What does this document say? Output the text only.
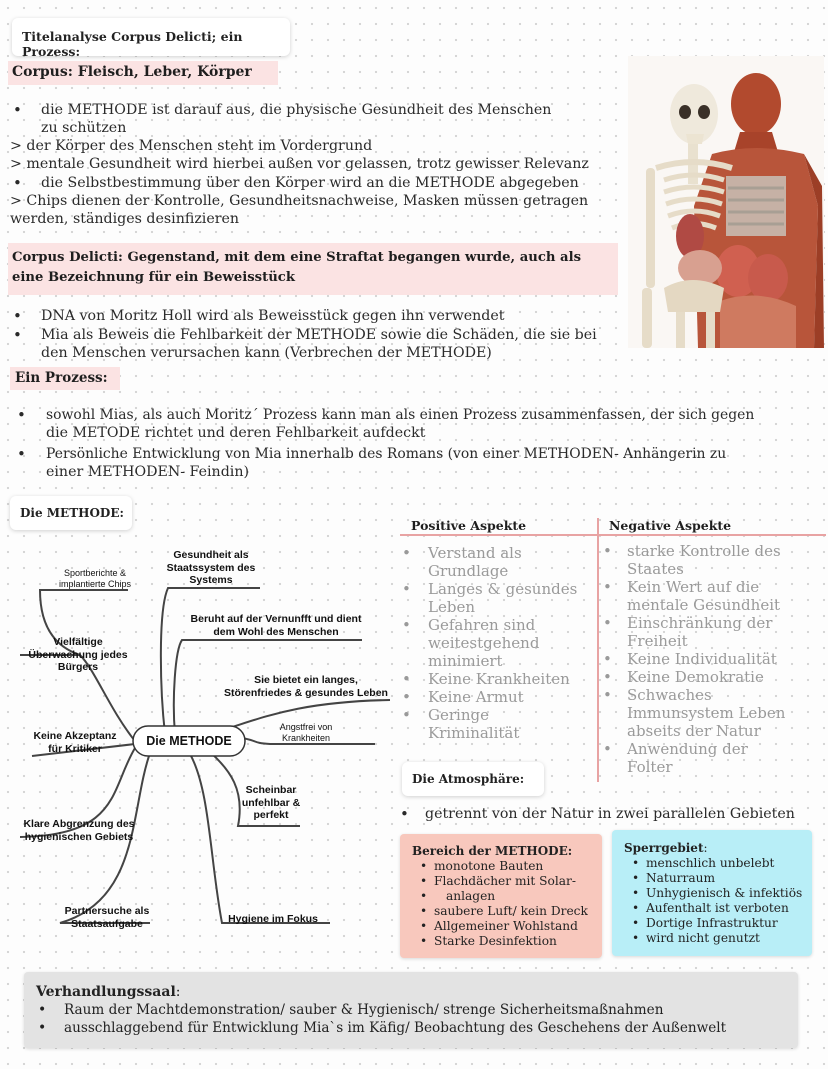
Titelanalyse Corpus Delicti; ein Prozess:
Corpus: Fleisch, Leber, Körper
• die METHODE ist darauf aus, die physische Gesundheit des Menschen
zu schützen
> der Körper des Menschen steht im Vordergrund
> mentale Gesundheit wird hierbei außen vor gelassen, trotz gewisser Relevanz
• die Selbstbestimmung über den Körper wird an die METHODE abgegeben
> Chips dienen der Kontrolle, Gesundheitsnachweise, Masken müssen getragen
werden, ständiges desinfizieren
Corpus Delicti: Gegenstand, mit dem eine Straftat begangen wurde, auch als
eine Bezeichnung für ein Beweisstück
• DNA von Moritz Holl wird als Beweisstück gegen ihn verwendet
• Mia als Beweis die Fehlbarkeit der METHODE sowie die Schäden, die sie bei
den Menschen verursachen kann (Verbrechen der METHODE)
Ein Prozess:
• sowohl Mias, als auch Moritz´ Prozess kann man als einen Prozess zusammenfassen, der sich gegen
die METODE richtet und deren Fehlbarkeit aufdeckt
• Persönliche Entwicklung von Mia innerhalb des Romans (von einer METHODEN- Anhängerin zu
einer METHODEN- Feindin)
Die METHODE:
Die METHODE
Sportberichte &
implantierte Chips
Vielfältige
Überwachung jedes
Bürgers
Keine Akzeptanz
für Kritiker
Klare Abgrenzung des
hygienischen Gebiets
Partnersuche als
Staatsaufgabe
Gesundheit als
Staatssystem des
Systems
Beruht auf der Vernunfft und dient
dem Wohl des Menschen
Sie bietet ein langes,
Störenfriedes & gesundes Leben
Angstfrei von
Krankheiten
Scheinbar
unfehlbar &
perfekt
Hygiene im Fokus
Positive Aspekte	Negative Aspekte
• Verstand als
Grundlage
• Langes & gesundes
Leben
• Gefahren sind
weitestgehend
minimiert
• Keine Krankheiten
• Keine Armut
• Geringe
Kriminalität
• starke Kontrolle des
Staates
• Kein Wert auf die
mentale Gesundheit
• Einschränkung der
Freiheit
• Keine Individualität
• Keine Demokratie
• Schwaches
Immunsystem Leben
abseits der Natur
• Anwendung der
Folter
Die Atmosphäre:
• getrennt von der Natur in zwei parallelen Gebieten
Bereich der METHODE:
• monotone Bauten
• Flachdächer mit Solar-
• anlagen
• saubere Luft/ kein Dreck
• Allgemeiner Wohlstand
• Starke Desinfektion
Sperrgebiet:
• menschlich unbelebt
• Naturraum
• Unhygienisch & infektiös
• Aufenthalt ist verboten
• Dortige Infrastruktur
• wird nicht genutzt
Verhandlungssaal:
• Raum der Machtdemonstration/ sauber & Hygienisch/ strenge Sicherheitsmaßnahmen
• ausschlaggebend für Entwicklung Mia`s im Käfig/ Beobachtung des Geschehens der Außenwelt
